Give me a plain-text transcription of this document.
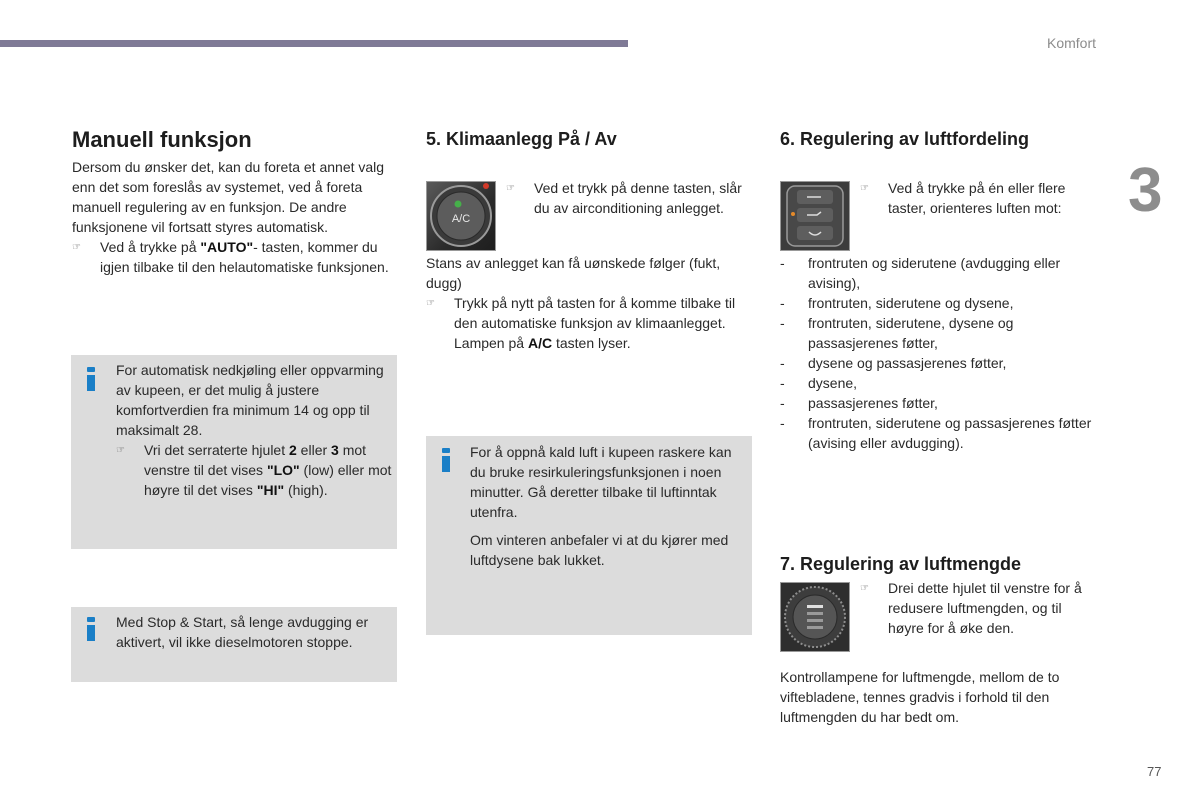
Komfort
3
Manuell funksjon

Dersom du ønsker det, kan du foreta et annet valg enn det som foreslås av systemet, ved å foreta manuell regulering av en funksjon. De andre funksjonene vil fortsatt styres automatisk.

☞	Ved å trykke på "AUTO"- tasten, kommer du igjen tilbake til den helautomatiske funksjonen.

For automatisk nedkjøling eller oppvarming av kupeen, er det mulig å justere komfortverdien fra minimum 14 og opp til maksimalt 28.

☞	Vri det serraterte hjulet 2 eller 3 mot venstre til det vises "LO" (low) eller mot høyre til det vises "HI" (high).
Med Stop & Start, så lenge avdugging er aktivert, vil ikke dieselmotoren stoppe.
5. Klimaanlegg På / Av
A/C
☞	Ved et trykk på denne tasten, slår du av airconditioning anlegget.

Stans av anlegget kan få uønskede følger (fukt, dugg)

☞	Trykk på nytt på tasten for å komme tilbake til den automatiske funksjon av klimaanlegget. Lampen på A/C tasten lyser.

For å oppnå kald luft i kupeen raskere kan du bruke resirkuleringsfunksjonen i noen minutter. Gå deretter tilbake til luftinntak utenfra.

Om vinteren anbefaler vi at du kjører med luftdysene bak lukket.

6. Regulering av luftfordeling
☞	Ved å trykke på én eller flere taster, orienteres luften mot:
-	frontruten og siderutene (avdugging eller avising),
-	frontruten, siderutene og dysene,
-	frontruten, siderutene, dysene og passasjerenes føtter,
-	dysene og passasjerenes føtter,
-	dysene,
-	passasjerenes føtter,
-	frontruten, siderutene og passasjerenes føtter (avising eller avdugging).
7. Regulering av luftmengde
☞	Drei dette hjulet til venstre for å redusere luftmengden, og til høyre for å øke den.
Kontrollampene for luftmengde, mellom de to viftebladene, tennes gradvis i forhold til den luftmengden du har bedt om.
77
